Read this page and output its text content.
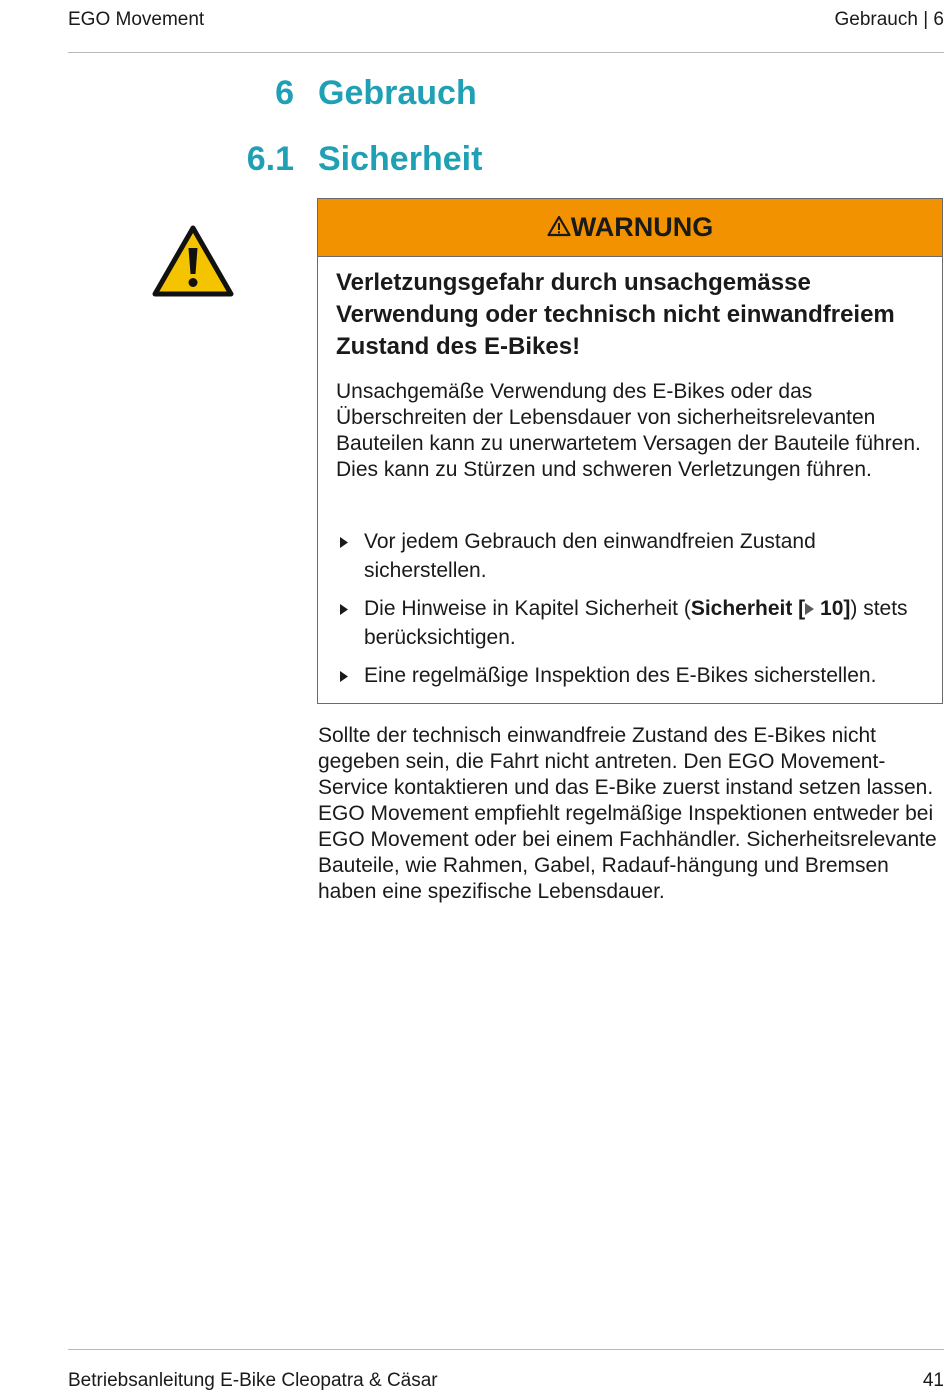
EGO Movement	Gebrauch | 6
6 Gebrauch
6.1 Sicherheit
WARNUNG
Verletzungsgefahr durch unsachgemässe Verwendung oder technisch nicht einwandfreiem Zustand des E-Bikes!
Unsachgemäße Verwendung des E-Bikes oder das Überschreiten der Lebensdauer von sicherheitsrelevanten Bauteilen kann zu unerwartetem Versagen der Bauteile führen. Dies kann zu Stürzen und schweren Verletzungen führen.
Vor jedem Gebrauch den einwandfreien Zustand sicherstellen.
Die Hinweise in Kapitel Sicherheit (Sicherheit [ 10]) stets berücksichtigen.
Eine regelmäßige Inspektion des E-Bikes sicherstellen.
Sollte der technisch einwandfreie Zustand des E-Bikes nicht gegeben sein, die Fahrt nicht antreten. Den EGO Movement-Service kontaktieren und das E-Bike zuerst instand setzen lassen. EGO Movement empfiehlt regelmäßige Inspektionen entweder bei EGO Movement oder bei einem Fachhändler. Sicherheitsrelevante Bauteile, wie Rahmen, Gabel, Radauf-hängung und Bremsen haben eine spezifische Lebensdauer.
Betriebsanleitung E-Bike Cleopatra & Cäsar	41
